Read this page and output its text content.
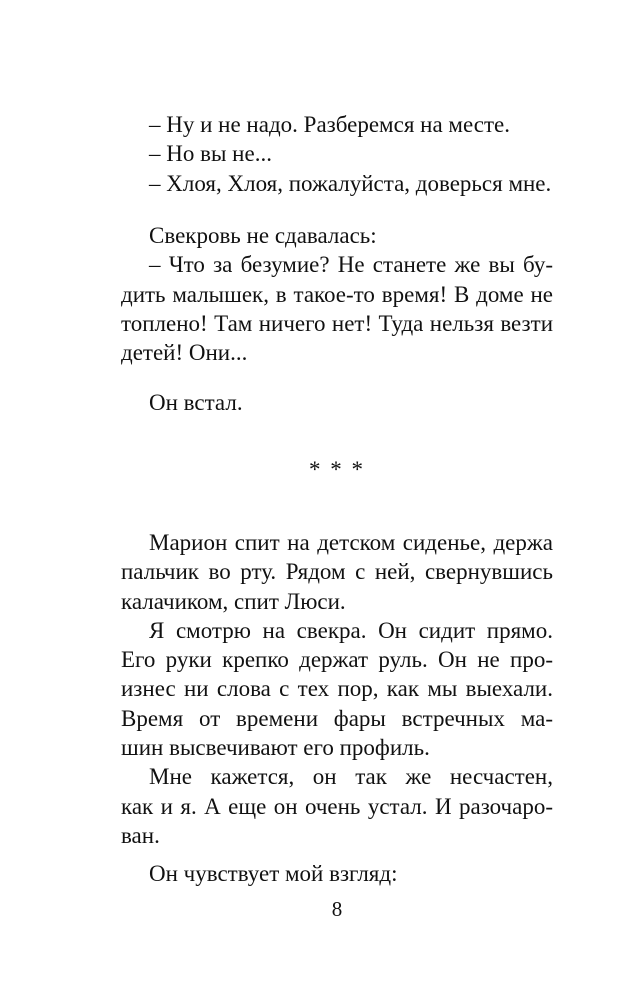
– Ну и не надо. Разберемся на месте.
– Но вы не...
– Хлоя, Хлоя, пожалуйста, доверься мне.
Свекровь не сдавалась:
– Что за безумие? Не станете же вы бу-
дить малышек, в такое-то время! В доме не
топлено! Там ничего нет! Туда нельзя везти
детей! Они...
Он встал.
* * *
Марион спит на детском сиденье, держа
пальчик во рту. Рядом с ней, свернувшись
калачиком, спит Люси.
Я смотрю на свекра. Он сидит прямо.
Его руки крепко держат руль. Он не про-
изнес ни слова с тех пор, как мы выехали.
Время от времени фары встречных ма-
шин высвечивают его профиль.
Мне кажется, он так же несчастен,
как и я. А еще он очень устал. И разочаро-
ван.
Он чувствует мой взгляд:
8
